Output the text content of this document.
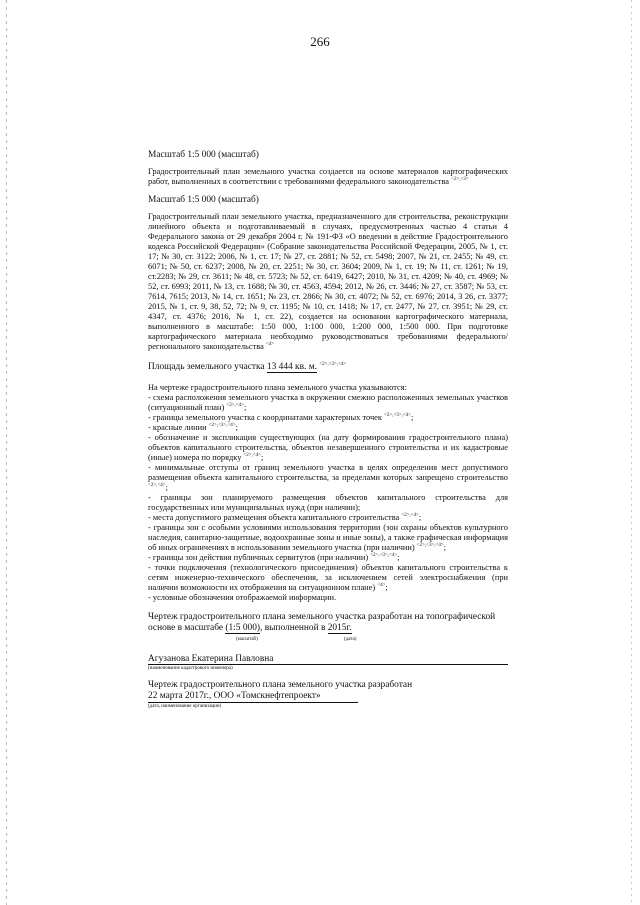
266
Масштаб 1:5 000 (масштаб)

Градостроительный план земельного участка создается на основе материалов картографических работ, выполненных в соответствии с требованиями федерального законодательства $^{<2>,<3>}$

Масштаб 1:5 000 (масштаб)

Градостроительный план земельного участка, предназначенного для строительства, реконструкции линейного объекта и подготавливаемый в случаях, предусмотренных частью 4 статьи 4 Федерального закона от 29 декабря 2004 г. № 191-ФЗ «О введении в действие Градостроительного кодекса Российской Федерации» (Собрание законодательства Российской Федерации, 2005, № 1, ст. 17; № 30, ст. 3122; 2006, № 1, ст. 17; № 27, ст. 2881; № 52, ст. 5498; 2007, № 21, ст. 2455; № 49, ст. 6071; № 50, ст. 6237; 2008, № 20, ст. 2251; № 30, ст. 3604; 2009, № 1, ст. 19; № 11, ст. 1261; № 19, ст.2283; № 29, ст. 3611; № 48, ст. 5723; № 52, ст. 6419, 6427; 2010, № 31, ст. 4209; № 40, ст. 4969; № 52, ст. 6993; 2011, № 13, ст. 1688; № 30, ст. 4563, 4594; 2012, № 26, ст. 3446; № 27, ст. 3587; № 53, ст. 7614, 7615; 2013, № 14, ст. 1651; № 23, ст. 2866; № 30, ст. 4072; № 52, ст. 6976; 2014, 3 26, ст. 3377; 2015, № 1, ст. 9, 38, 52, 72; № 9, ст. 1195; № 10, ст. 1418; № 17, ст. 2477, № 27, ст. 3951; № 29, ст. 4347, ст. 4376; 2016, № 1, ст. 22), создается на основании картографического материала, выполненного в масштабе: 1:50 000, 1:100 000, 1:200 000, 1:500 000. При подготовке картографического материала необходимо руководствоваться требованиями федерального/регионального законодательства $^{<4>}$

Площадь земельного участка 13 444 кв. м. $^{<2>,<3>,<4>}$

На чертеже градостроительного плана земельного участка указываются:

- схема расположения земельного участка в окружении смежно расположенных земельных участков (ситуационный план) $^{<2>,<4>}$;

- границы земельного участка с координатами характерных точек $^{<2>,<3>,<4>}$;

- красные линии $^{<2>,<3>,<4>}$;

- обозначение и экспликация существующих (на дату формирования градостроительного плана) объектов капитального строительства, объектов незавершенного строительства и их кадастровые (иные) номера по порядку $^{<2>,<4>}$;

- минимальные отступы от границ земельного участка в целях определения мест допустимого размещения объекта капитального строительства, за пределами которых запрещено строительство $^{<2>,<4>}$;

- границы зон планируемого размещения объектов капитального строительства для государственных или муниципальных нужд (при наличии);

- места допустимого размещения объекта капитального строительства $^{<2>,<4>}$;

- границы зон с особыми условиями использования территории (зон охраны объектов культурного наследия, санитарно-защитные, водоохранные зоны и иные зоны), а также графическая информация об иных ограничениях в использовании земельного участка (при наличии) $^{<2>,<3>,<4>}$;

- границы зон действия публичных сервитутов (при наличии) $^{<2>,<3>,<4>}$;

- точки подключения (технологического присоединения) объектов капитального строительства к сетям инженерно-технического обеспечения, за исключением сетей электроснабжения (при наличии возможности их отображения на ситуационном плане) $^{<4>}$;

- условные обозначения отображаемой информации.

Чертеж градостроительного плана земельного участка разработан на топографической
основе в масштабе (1:5 000), выполненной в 2015г.
(масштаб)	(дата)
Агузанова Екатерина Павловна
(наименование кадастрового инженера)
Чертеж градостроительного плана земельного участка разработан
22 марта 2017г., ООО «Томскнефтепроект»
(дата, наименование организации)
